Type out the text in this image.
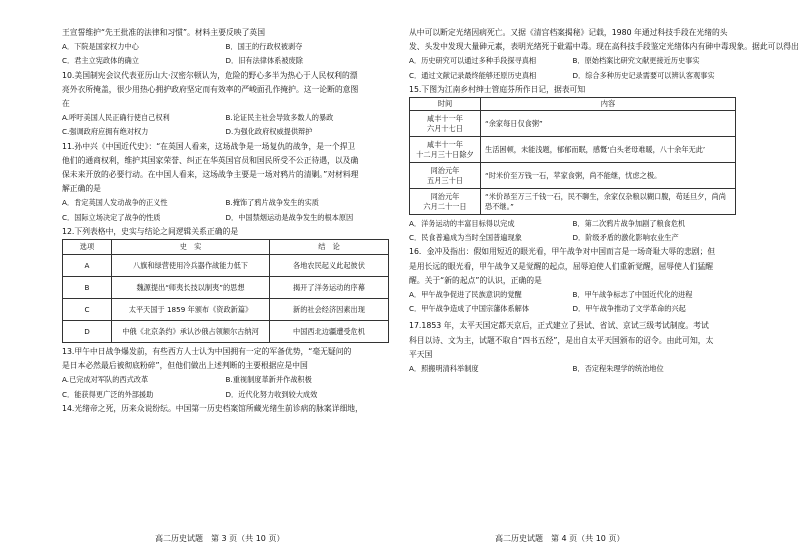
王宣誓维护“先王批准的法律和习惯”。材料主要反映了英国
A．下院是国家权力中心	B．国王的行政权被剥夺
C．君主立宪政体的确立	D．旧有法律体系被废除
10.美国制宪会议代表亚历山大·汉密尔顿认为，危险的野心多半为热心于人民权利的漂
亮外衣所掩盖，很少用热心拥护政府坚定而有效率的严峻面孔作掩护。这一论断的意图
在
A.呼吁美国人民正确行使自己权利	B.论证民主社会导致多数人的暴政
C.强调政府应拥有绝对权力	D.为强化政府权威提供辩护
11.孙中兴《中国近代史》：“在英国人看来，这场战争是一场复仇的战争，是一个捍卫
他们的通商权利，维护其国家荣誉、纠正在华英国官员和国民所受不公正待遇，以及确
保未来开放的必要行动。在中国人看来，这场战争主要是一场对鸦片的清剿。”对材料理
解正确的是
A．肯定英国人发动战争的正义性	B.掩饰了鸦片战争发生的实质
C．国际立场决定了战争的性质	D．中国禁烟运动是战争发生的根本原因
12.下列表格中，史实与结论之间逻辑关系正确的是
选项	史　实	结　论
A	八旗和绿营使用冷兵器作战能力低下	各地农民起义此起彼伏
B	魏源提出“师夷长技以制夷”的思想	揭开了洋务运动的序幕
C	太平天国于 1859 年颁布《资政新篇》	新的社会经济因素出现
D	中俄《北京条约》承认沙俄占领额尔古纳河	中国西北边疆遭受危机
13.甲午中日战争爆发前，有些西方人士认为中国拥有一定的军备优势，“毫无疑问的
是日本必然最后被彻底粉碎”，但他们做出上述判断的主要根据应是中国
A.已完成对军队的西式改革	B.重视制度革新并作战积极
C．能获得更广泛的外部援助	D．近代化努力收到较大成效
14.光绪帝之死，历来众说纷纭。中国第一历史档案馆所藏光绪生前诊病的脉案详细地，
高二历史试题　第 3 页（共 10 页）
从中可以断定光绪因病死亡。又据《清宫档案揭秘》记载，1980 年通过科技手段在光绪的头
发、头发中发现大量砷元素，表明光绪死于砒霜中毒。现在高科技手段鉴定光绪体内有砷中毒现象。据此可以得出
A．历史研究可以通过多种手段探寻真相	B．原始档案比研究文献更接近历史事实
C．通过文献记录最终能够还原历史真相	D．综合多种历史记录需要可以辨认客观事实
15.下图为江南乡村绅士管庭芬所作日记，据表可知
时间	内容
咸丰十一年
六月十七日	“余家每日仅食粥”
咸丰十一年
十二月三十日除夕	生活困顿，未能浅题，郁郁而眠，感慨‘白头老母难暖，八十余年无此’
同治元年
五月三十日	“时米价至万钱一石，苹家食粥，尚不能继，忧虑之极。
同治元年
六月二十一日	“米价昂至万三千钱一石，民不聊生，余家仅杂粮以糊口腹，苟延旦夕，尚尚恐不继。”
A．洋务运动的丰富目标得以完成	B．第二次鸦片战争加剧了粮食危机
C．民食普遍成为当时全国普遍现象	D．阶级矛盾的激化影响农业生产
16．金冲及指出：假如用短近的眼光看，甲午战争对中国而言是一场奇耻大辱的悲剧；但
是用长远的眼光看，甲午战争又是觉醒的起点，屈辱迫使人们重新觉醒，屈辱使人们猛醒
醒。关于“新的起点”的认识，正确的是
A．甲午战争促进了民族意识的觉醒	B．甲午战争标志了中国近代化的进程
C．甲午战争造成了中国宗藩体系解体	D．甲午战争推动了文学革命的兴起
17.1853 年，太平天国定都天京后，正式建立了县试、省试、京试三级考试制度。考试
科目以诗、文为主，试题不取自“四书五经”，是出自太平天国颁布的诏令。由此可知，太
平天国
A．照搬明清科举制度	B．否定程朱理学的统治地位
高二历史试题　第 4 页（共 10 页）
